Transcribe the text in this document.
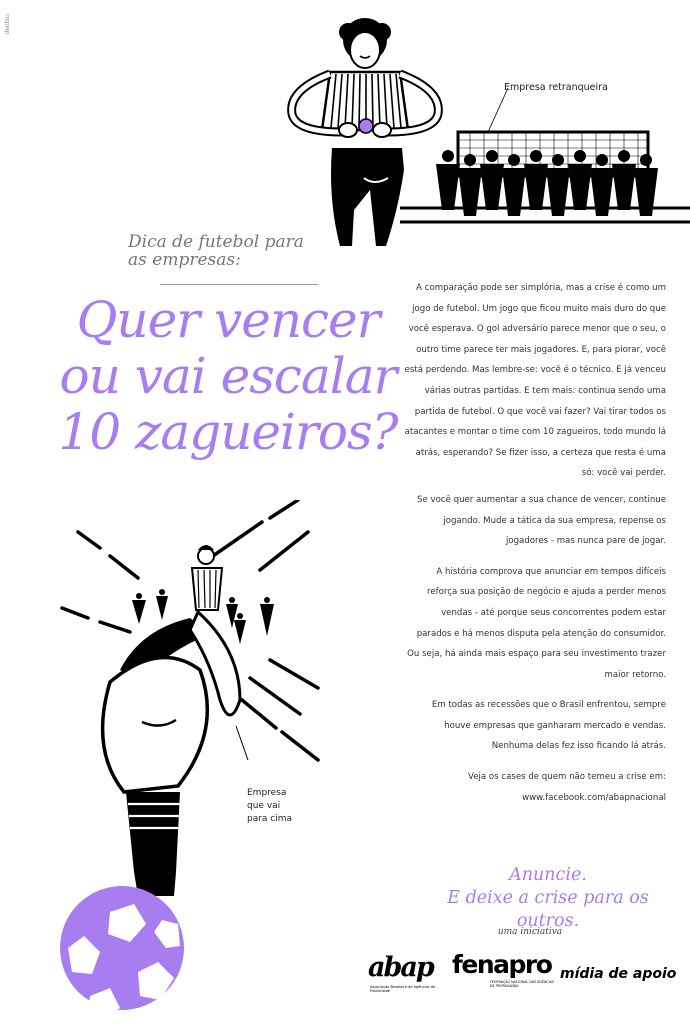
dentsu
Empresa retranqueira
Dica de futebol para
as empresas:
Quer vencer
ou vai escalar
10 zagueiros?

A comparação pode ser simplória, mas a crise é como um jogo de futebol. Um jogo que ficou muito mais duro do que você esperava. O gol adversário parece menor que o seu, o outro time parece ter mais jogadores. E, para piorar, você está perdendo. Mas lembre-se: você é o técnico. E já venceu várias outras partidas. E tem mais: continua sendo uma partida de futebol. O que você vai fazer? Vai tirar todos os atacantes e montar o time com 10 zagueiros, todo mundo lá atrás, esperando? Se fizer isso, a certeza que resta é uma só: você vai perder.

Se você quer aumentar a sua chance de vencer, continue jogando. Mude a tática da sua empresa, repense os jogadores - mas nunca pare de jogar.

A história comprova que anunciar em tempos difíceis reforça sua posição de negócio e ajuda a perder menos vendas - até porque seus concorrentes podem estar parados e há menos disputa pela atenção do consumidor. Ou seja, há ainda mais espaço para seu investimento trazer maior retorno.

Em todas as recessões que o Brasil enfrentou, sempre houve empresas que ganharam mercado e vendas. Nenhuma delas fez isso ficando lá atrás.

Veja os cases de quem não temeu a crise em:

www.facebook.com/abapnacional

Empresa
que vai
para cima
Anuncie.
E deixe a crise para os outros.
uma iniciativa
abap
Associação Brasileira de Agências de Publicidade
fenapro
FEDERAÇÃO NACIONAL DAS AGÊNCIAS DE PROPAGANDA
mídia de apoio
